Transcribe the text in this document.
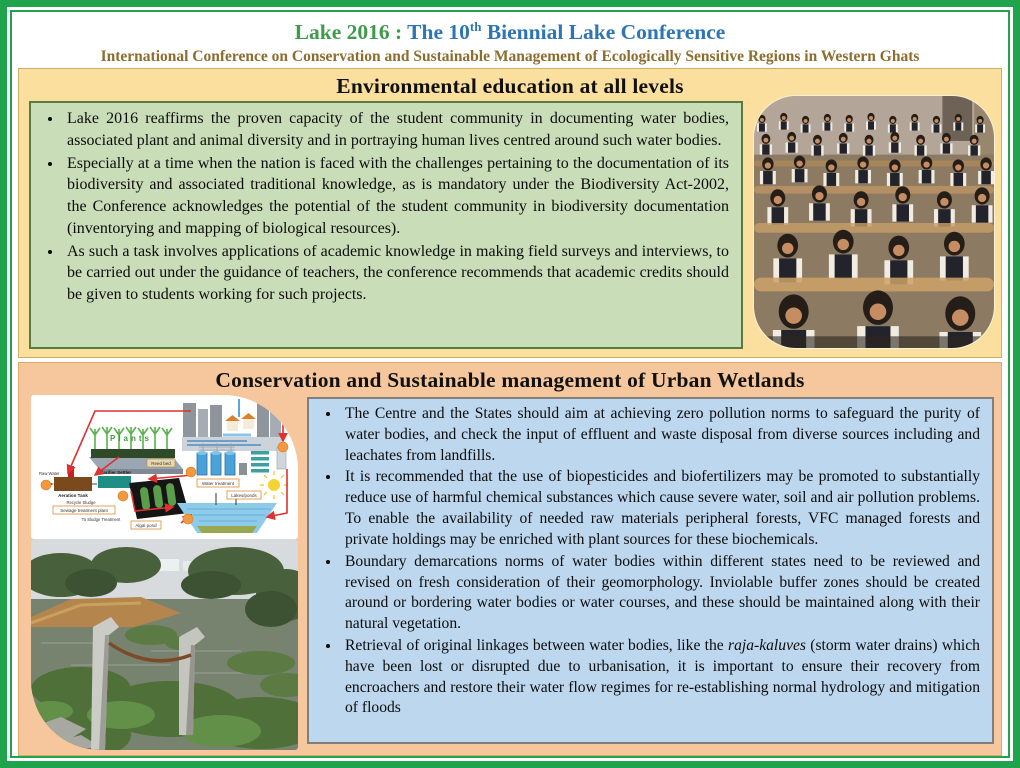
Lake 2016 : The 10th Biennial Lake Conference
International Conference on Conservation and Sustainable Management of Ecologically Sensitive Regions in Western Ghats
Environmental education at all levels
• Lake 2016 reaffirms the proven capacity of the student community in documenting water bodies, associated plant and animal diversity and in portraying human lives centred around such water bodies.
• Especially at a time when the nation is faced with the challenges pertaining to the documentation of its biodiversity and associated traditional knowledge, as is mandatory under the Biodiversity Act-2002, the Conference acknowledges the potential of the student community in biodiversity documentation (inventorying and mapping of biological resources).
• As such a task involves applications of academic knowledge in making field surveys and interviews, to be carried out under the guidance of teachers, the conference recommends that academic credits should be given to students working for such projects.
Conservation and Sustainable management of Urban Wetlands
Plants
Reed bed
Raw Water
Aeration Tank
Clarifier Settler
Recycle Sludge
Sewage treatment plant
To Sludge Treatment
Algal pond
Water treatment
Lakes/ponds
• The Centre and the States should aim at achieving zero pollution norms to safeguard the purity of water bodies, and check the input of effluent and waste disposal from diverse sources including and leachates from landfills.
• It is recommended that the use of biopesticides and biofertilizers may be promoted to substantially reduce use of harmful chemical substances which cause severe water, soil and air pollution problems. To enable the availability of needed raw materials peripheral forests, VFC managed forests and private holdings may be enriched with plant sources for these biochemicals.
• Boundary demarcations norms of water bodies within different states need to be reviewed and revised on fresh consideration of their geomorphology. Inviolable buffer zones should be created around or bordering water bodies or water courses, and these should be maintained along with their natural vegetation.
• Retrieval of original linkages between water bodies, like the raja-kaluves (storm water drains) which have been lost or disrupted due to urbanisation, it is important to ensure their recovery from encroachers and restore their water flow regimes for re-establishing normal hydrology and mitigation of floods
